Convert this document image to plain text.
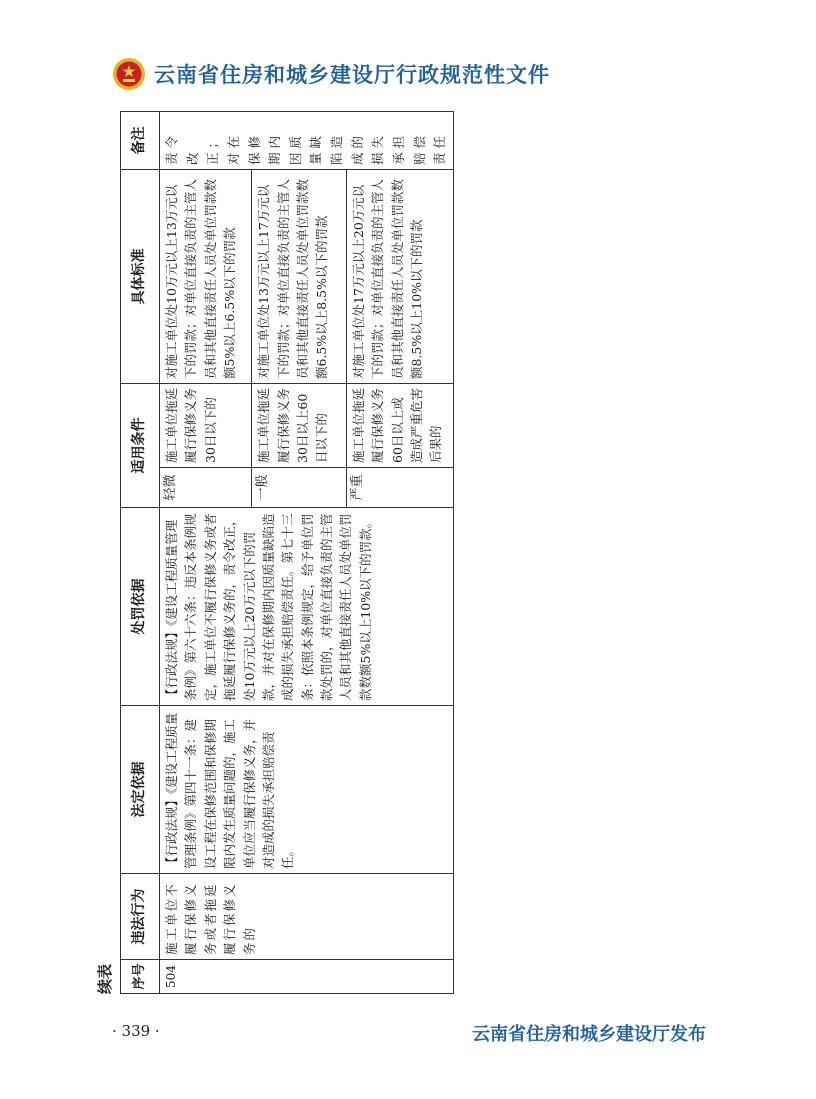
云南省住房和城乡建设厅行政规范性文件
续表 序号	违法行为	法定依据	处罚依据	适用条件		具体标准	备注
504	施工单位不履行保修义务或者拖延履行保修义务的	【行政法规】《建设工程质量管理条例》第四十一条：建设工程在保修范围和保修期限内发生质量问题的，施工单位应当履行保修义务，并对造成的损失承担赔偿责任。	【行政法规】《建设工程质量管理条例》第六十六条：违反本条例规定，施工单位不履行保修义务或者拖延履行保修义务的，责令改正，处10万元以上20万元以下的罚款，并对在保修期内因质量缺陷造成的损失承担赔偿责任。第七十三条：依照本条例规定，给予单位罚款处罚的，对单位直接负责的主管人员和其他直接责任人员处单位罚款数额5%以上10%以下的罚款。	轻微	施工单位拖延履行保修义务30日以下的	对施工单位处10万元以上13万元以下的罚款；对单位直接负责的主管人员和其他直接责任人员处单位罚款数额5%以上6.5%以下的罚款	责令改正；对在保修期内因质量缺陷造成的损失承担赔偿责任

				一般	施工单位拖延履行保修义务30日以上60日以下的	对施工单位处13万元以上17万元以下的罚款；对单位直接负责的主管人员和其他直接责任人员处单位罚款数额6.5%以上8.5%以下的罚款	

				严重	施工单位拖延履行保修义务60日以上或造成严重危害后果的	对施工单位处17万元以上20万元以下的罚款；对单位直接负责的主管人员和其他直接责任人员处单位罚款数额8.5%以上10%以下的罚款	
· 339 ·	云南省住房和城乡建设厅发布
